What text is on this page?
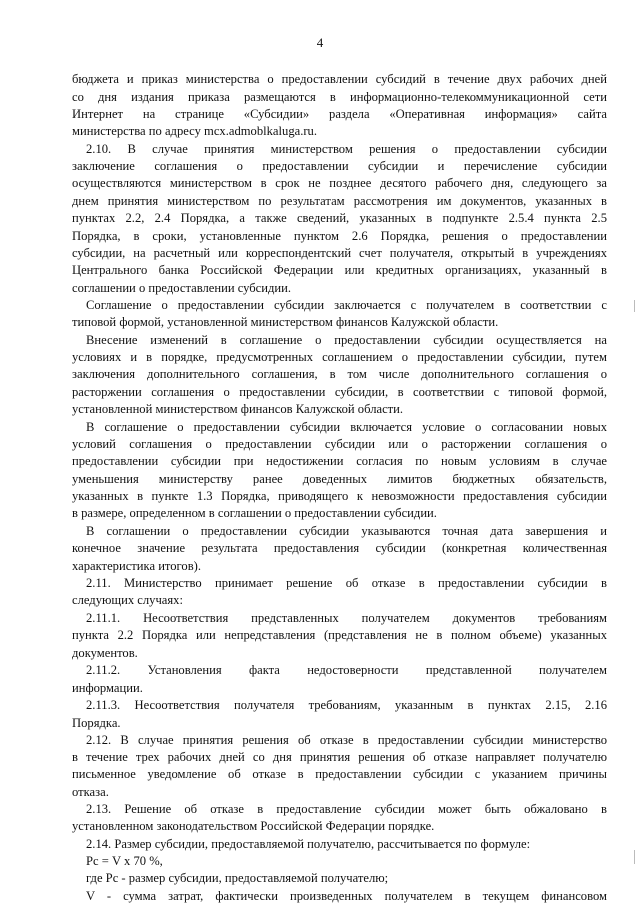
4
бюджета и приказ министерства о предоставлении субсидий в течение двух рабочих дней
со дня издания приказа размещаются в информационно-телекоммуникационной сети
Интернет на странице «Субсидии» раздела «Оперативная информация» сайта
министерства по адресу mcx.admoblkaluga.ru.
2.10. В случае принятия министерством решения о предоставлении субсидии
заключение соглашения о предоставлении субсидии и перечисление субсидии
осуществляются министерством в срок не позднее десятого рабочего дня, следующего за
днем принятия министерством по результатам рассмотрения им документов, указанных в
пунктах 2.2, 2.4 Порядка, а также сведений, указанных в подпункте 2.5.4 пункта 2.5
Порядка, в сроки, установленные пунктом 2.6 Порядка, решения о предоставлении
субсидии, на расчетный или корреспондентский счет получателя, открытый в учреждениях
Центрального банка Российской Федерации или кредитных организациях, указанный в
соглашении о предоставлении субсидии.
Соглашение о предоставлении субсидии заключается с получателем в соответствии с
типовой формой, установленной министерством финансов Калужской области.
Внесение изменений в соглашение о предоставлении субсидии осуществляется на
условиях и в порядке, предусмотренных соглашением о предоставлении субсидии, путем
заключения дополнительного соглашения, в том числе дополнительного соглашения о
расторжении соглашения о предоставлении субсидии, в соответствии с типовой формой,
установленной министерством финансов Калужской области.
В соглашение о предоставлении субсидии включается условие о согласовании новых
условий соглашения о предоставлении субсидии или о расторжении соглашения о
предоставлении субсидии при недостижении согласия по новым условиям в случае
уменьшения министерству ранее доведенных лимитов бюджетных обязательств,
указанных в пункте 1.3 Порядка, приводящего к невозможности предоставления субсидии
в размере, определенном в соглашении о предоставлении субсидии.
В соглашении о предоставлении субсидии указываются точная дата завершения и
конечное значение результата предоставления субсидии (конкретная количественная
характеристика итогов).
2.11. Министерство принимает решение об отказе в предоставлении субсидии в
следующих случаях:
2.11.1. Несоответствия представленных получателем документов требованиям
пункта 2.2 Порядка или непредставления (представления не в полном объеме) указанных
документов.
2.11.2. Установления факта недостоверности представленной получателем
информации.
2.11.3. Несоответствия получателя требованиям, указанным в пунктах 2.15, 2.16
Порядка.
2.12. В случае принятия решения об отказе в предоставлении субсидии министерство
в течение трех рабочих дней со дня принятия решения об отказе направляет получателю
письменное уведомление об отказе в предоставлении субсидии с указанием причины
отказа.
2.13. Решение об отказе в предоставление субсидии может быть обжаловано в
установленном законодательством Российской Федерации порядке.
2.14. Размер субсидии, предоставляемой получателю, рассчитывается по формуле:
Рс = V х 70 %,
где Рс - размер субсидии, предоставляемой получателю;
V - сумма затрат, фактически произведенных получателем в текущем финансовом
